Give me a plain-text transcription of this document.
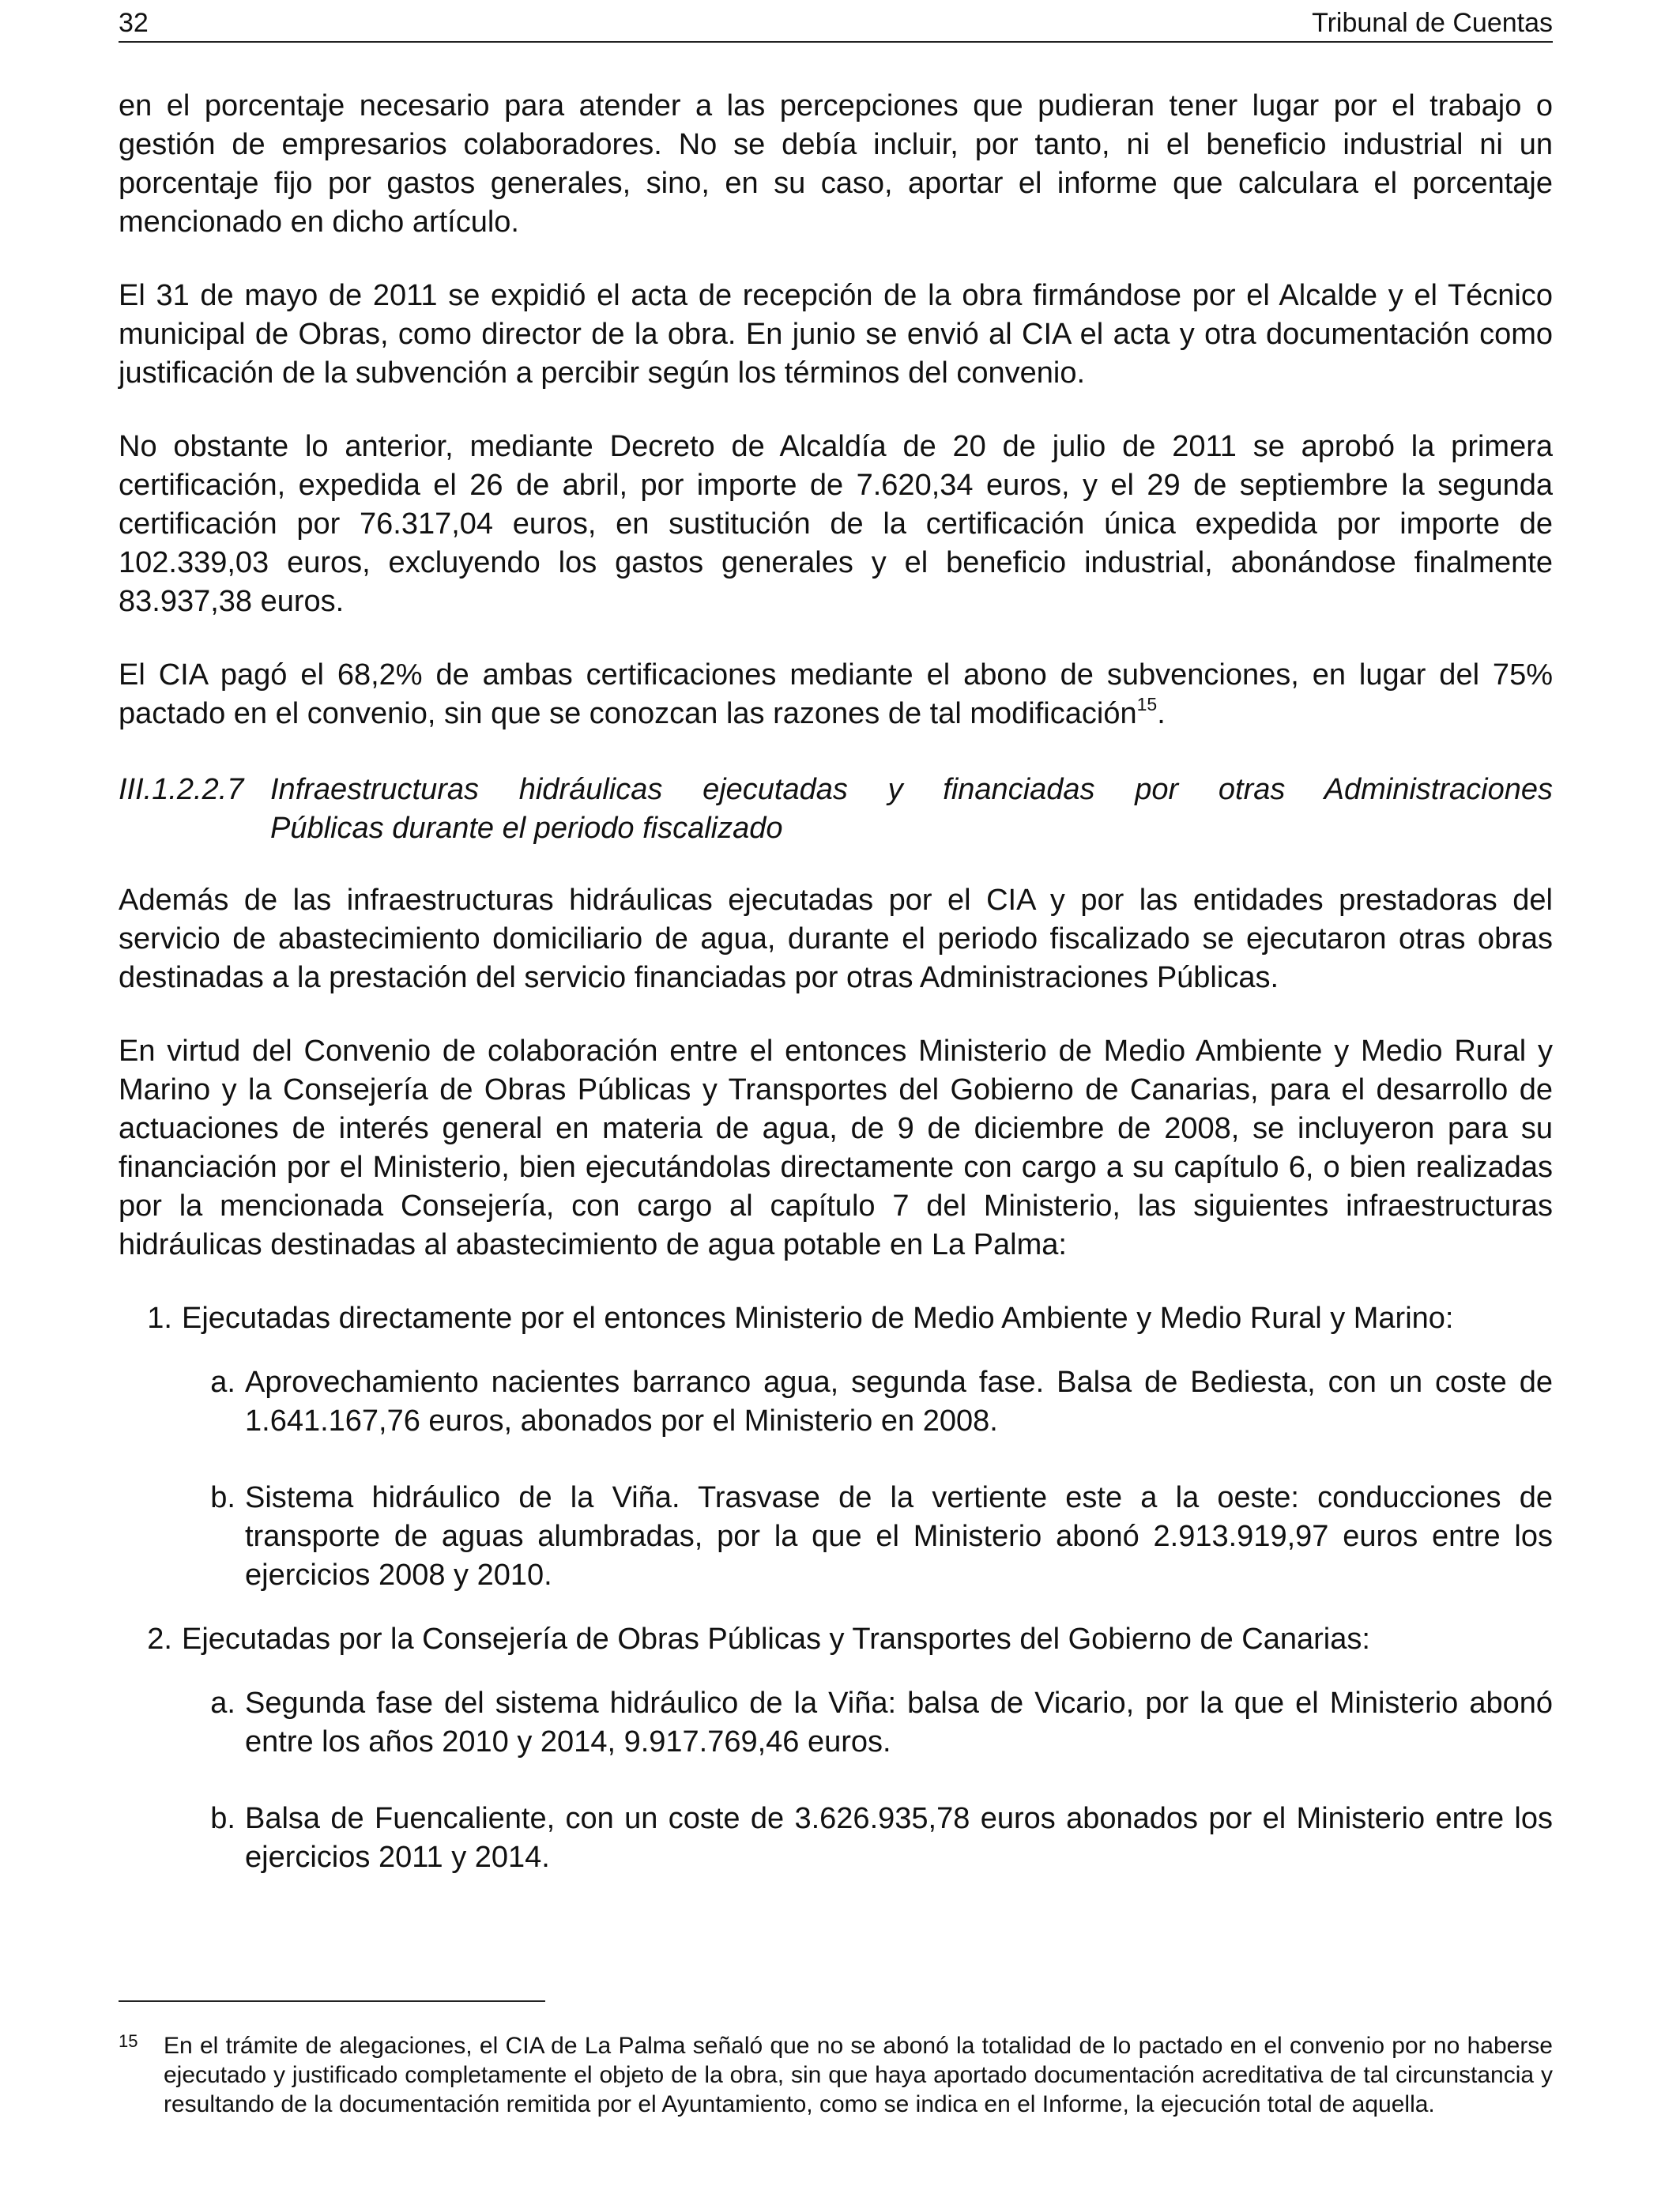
32	Tribunal de Cuentas

en el porcentaje necesario para atender a las percepciones que pudieran tener lugar por el trabajo o gestión de empresarios colaboradores. No se debía incluir, por tanto, ni el beneficio industrial ni un porcentaje fijo por gastos generales, sino, en su caso, aportar el informe que calculara el porcentaje mencionado en dicho artículo.

El 31 de mayo de 2011 se expidió el acta de recepción de la obra firmándose por el Alcalde y el Técnico municipal de Obras, como director de la obra. En junio se envió al CIA el acta y otra documentación como justificación de la subvención a percibir según los términos del convenio.

No obstante lo anterior, mediante Decreto de Alcaldía de 20 de julio de 2011 se aprobó la primera certificación, expedida el 26 de abril, por importe de 7.620,34 euros, y el 29 de septiembre la segunda certificación por 76.317,04 euros, en sustitución de la certificación única expedida por importe de 102.339,03 euros, excluyendo los gastos generales y el beneficio industrial, abonándose finalmente 83.937,38 euros.

El CIA pagó el 68,2% de ambas certificaciones mediante el abono de subvenciones, en lugar del 75% pactado en el convenio, sin que se conozcan las razones de tal modificación$^{15}$.

III.1.2.2.7 Infraestructuras hidráulicas ejecutadas y financiadas por otras Administraciones
Públicas durante el periodo fiscalizado

Además de las infraestructuras hidráulicas ejecutadas por el CIA y por las entidades prestadoras del servicio de abastecimiento domiciliario de agua, durante el periodo fiscalizado se ejecutaron otras obras destinadas a la prestación del servicio financiadas por otras Administraciones Públicas.

En virtud del Convenio de colaboración entre el entonces Ministerio de Medio Ambiente y Medio Rural y Marino y la Consejería de Obras Públicas y Transportes del Gobierno de Canarias, para el desarrollo de actuaciones de interés general en materia de agua, de 9 de diciembre de 2008, se incluyeron para su financiación por el Ministerio, bien ejecutándolas directamente con cargo a su capítulo 6, o bien realizadas por la mencionada Consejería, con cargo al capítulo 7 del Ministerio, las siguientes infraestructuras hidráulicas destinadas al abastecimiento de agua potable en La Palma:

1. Ejecutadas directamente por el entonces Ministerio de Medio Ambiente y Medio Rural y Marino:
a. Aprovechamiento nacientes barranco agua, segunda fase. Balsa de Bediesta, con un coste de 1.641.167,76 euros, abonados por el Ministerio en 2008.
b. Sistema hidráulico de la Viña. Trasvase de la vertiente este a la oeste: conducciones de transporte de aguas alumbradas, por la que el Ministerio abonó 2.913.919,97 euros entre los ejercicios 2008 y 2010.
2. Ejecutadas por la Consejería de Obras Públicas y Transportes del Gobierno de Canarias:
a. Segunda fase del sistema hidráulico de la Viña: balsa de Vicario, por la que el Ministerio abonó entre los años 2010 y 2014, 9.917.769,46 euros.
b. Balsa de Fuencaliente, con un coste de 3.626.935,78 euros abonados por el Ministerio entre los ejercicios 2011 y 2014.
15	En el trámite de alegaciones, el CIA de La Palma señaló que no se abonó la totalidad de lo pactado en el convenio por no haberse ejecutado y justificado completamente el objeto de la obra, sin que haya aportado documentación acreditativa de tal circunstancia y resultando de la documentación remitida por el Ayuntamiento, como se indica en el Informe, la ejecución total de aquella.
